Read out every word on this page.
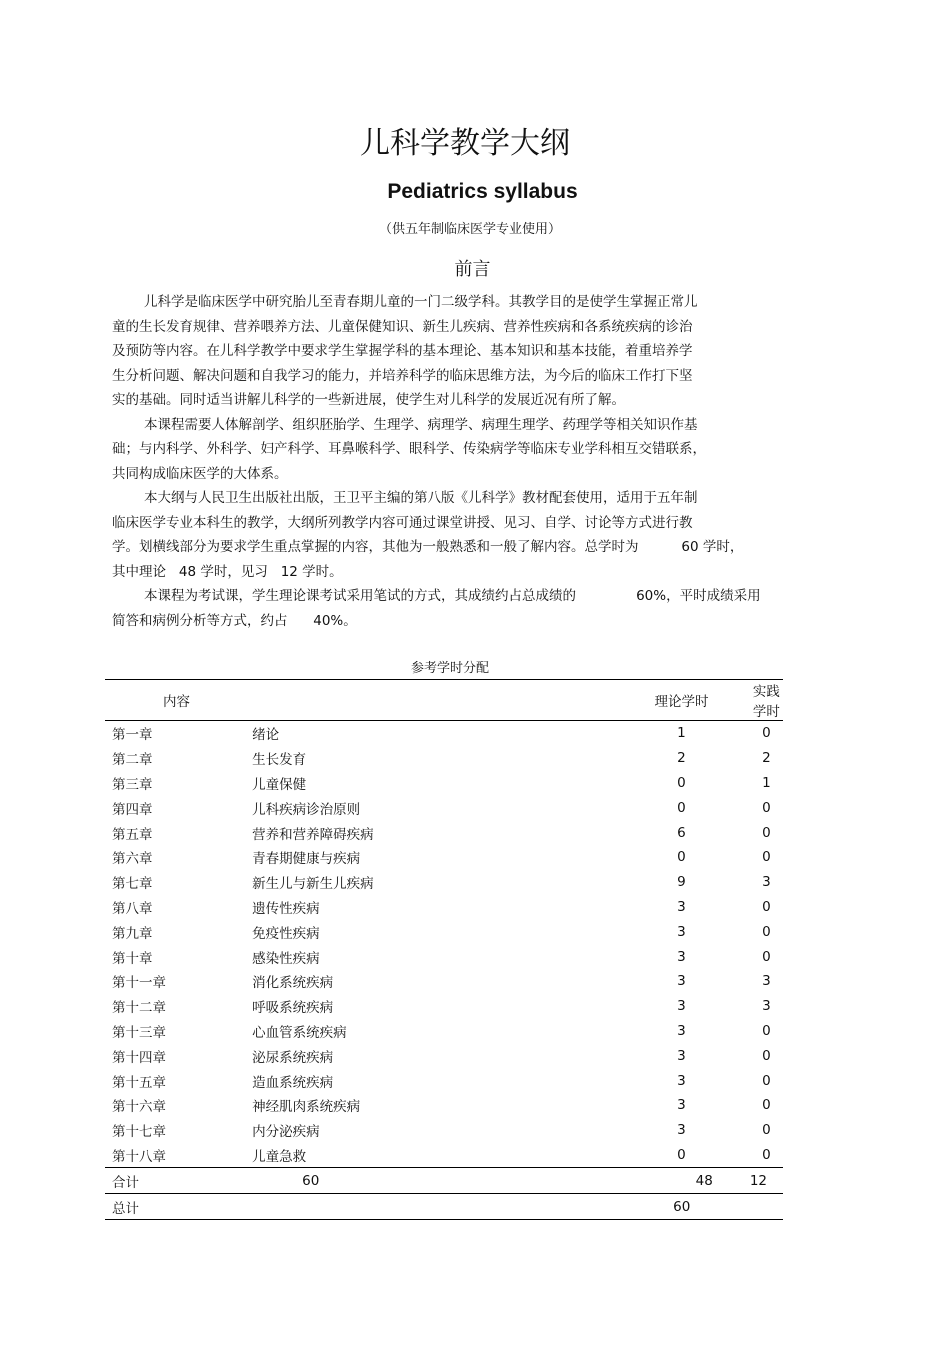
儿科学教学大纲
Pediatrics syllabus
（供五年制临床医学专业使用）
前言
儿科学是临床医学中研究胎儿至青春期儿童的一门二级学科。其教学目的是使学生掌握正常儿
童的生长发育规律、营养喂养方法、儿童保健知识、新生儿疾病、营养性疾病和各系统疾病的诊治
及预防等内容。在儿科学教学中要求学生掌握学科的基本理论、基本知识和基本技能，着重培养学
生分析问题、解决问题和自我学习的能力，并培养科学的临床思维方法，为今后的临床工作打下坚
实的基础。同时适当讲解儿科学的一些新进展，使学生对儿科学的发展近况有所了解。
本课程需要人体解剖学、组织胚胎学、生理学、病理学、病理生理学、药理学等相关知识作基
础；与内科学、外科学、妇产科学、耳鼻喉科学、眼科学、传染病学等临床专业学科相互交错联系，
共同构成临床医学的大体系。
本大纲与人民卫生出版社出版，王卫平主编的第八版《儿科学》教材配套使用，适用于五年制
临床医学专业本科生的教学，大纲所列教学内容可通过课堂讲授、见习、自学、讨论等方式进行教
学。划横线部分为要求学生重点掌握的内容，其他为一般熟悉和一般了解内容。总学时为          60 学时，
其中理论   48 学时，见习   12 学时。
本课程为考试课，学生理论课考试采用笔试的方式，其成绩约占总成绩的              60%，平时成绩采用
简答和病例分析等方式，约占      40%。
参考学时分配
内容		理论学时	实践学时
第一章	绪论	1	0
第二章	生长发育	2	2
第三章	儿童保健	0	1
第四章	儿科疾病诊治原则	0	0
第五章	营养和营养障碍疾病	6	0
第六章	青春期健康与疾病	0	0
第七章	新生儿与新生儿疾病	9	3
第八章	遗传性疾病	3	0
第九章	免疫性疾病	3	0
第十章	感染性疾病	3	0
第十一章	消化系统疾病	3	3
第十二章	呼吸系统疾病	3	3
第十三章	心血管系统疾病	3	0
第十四章	泌尿系统疾病	3	0
第十五章	造血系统疾病	3	0
第十六章	神经肌肉系统疾病	3	0
第十七章	内分泌疾病	3	0
第十八章	儿童急救	0	0
合计	60	48	12
总计		60	
